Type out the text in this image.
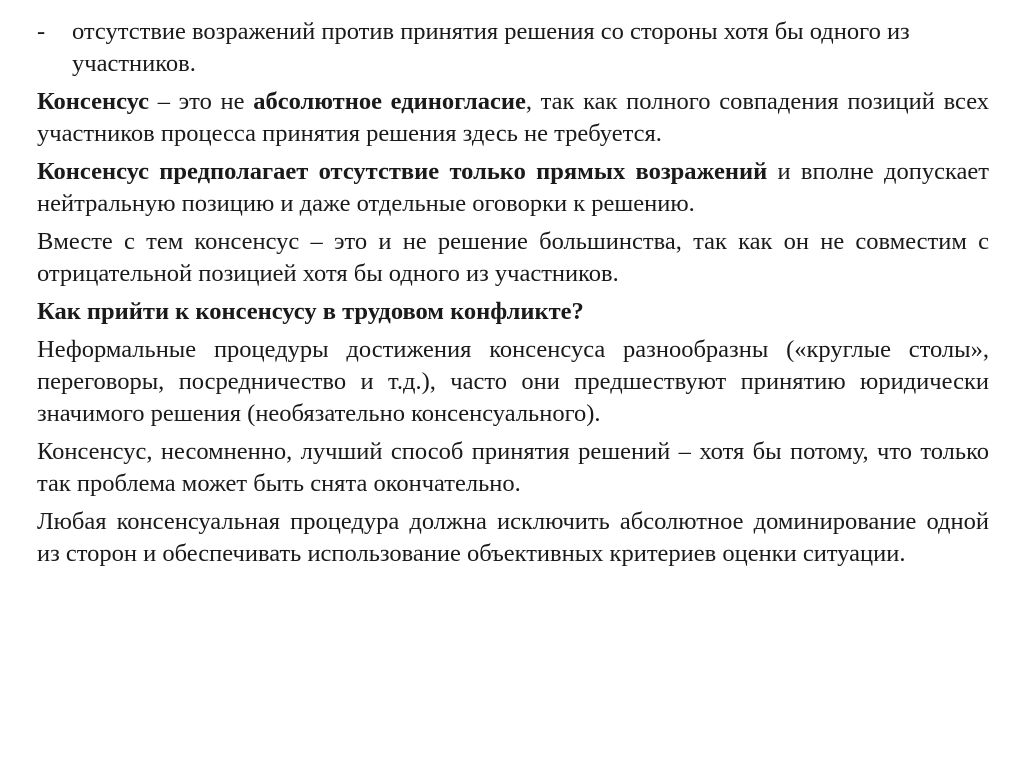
-	отсутствие возражений против принятия решения со стороны хотя бы одного из участников.

Консенсус – это не абсолютное единогласие, так как полного совпадения позиций всех участников процесса принятия решения здесь не требуется.

Консенсус предполагает отсутствие только прямых возражений и вполне допускает нейтральную позицию и даже отдельные оговорки к решению.

Вместе с тем консенсус – это и не решение большинства, так как он не совместим с отрицательной позицией хотя бы одного из участников.

Как прийти к консенсусу в трудовом конфликте?

Неформальные процедуры достижения консенсуса разнообразны («круглые столы», переговоры, посредничество и т.д.), часто они предшествуют принятию юридически значимого решения (необязательно консенсуального).

Консенсус, несомненно, лучший способ принятия решений – хотя бы потому, что только так проблема может быть снята окончательно.

Любая консенсуальная процедура должна исключить абсолютное доминирование одной из сторон и обеспечивать использование объективных критериев оценки ситуации.
